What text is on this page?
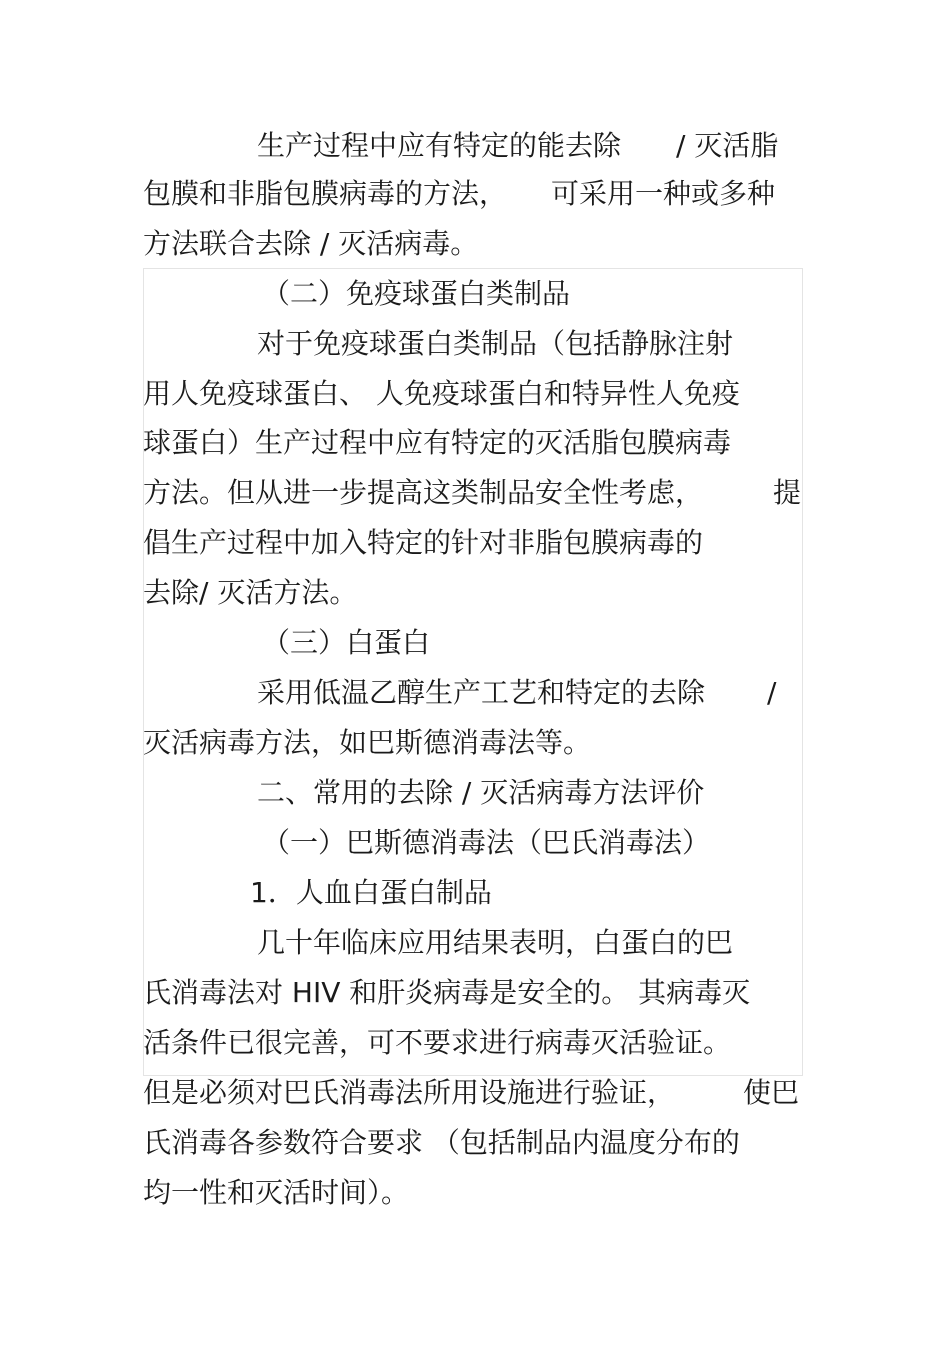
生产过程中应有特定的能去除 / 灭活脂
包膜和非脂包膜病毒的方法， 可采用一种或多种
方法联合去除 / 灭活病毒。
（二）免疫球蛋白类制品
对于免疫球蛋白类制品（包括静脉注射
用人免疫球蛋白、 人免疫球蛋白和特异性人免疫
球蛋白）生产过程中应有特定的灭活脂包膜病毒
方法。但从进一步提高这类制品安全性考虑， 提
倡生产过程中加入特定的针对非脂包膜病毒的
去除/ 灭活方法。
（三）白蛋白
采用低温乙醇生产工艺和特定的去除 /
灭活病毒方法，如巴斯德消毒法等。
二、常用的去除 / 灭活病毒方法评价
（一）巴斯德消毒法（巴氏消毒法）
1．人血白蛋白制品
几十年临床应用结果表明，白蛋白的巴
氏消毒法对 HIV 和肝炎病毒是安全的。 其病毒灭
活条件已很完善，可不要求进行病毒灭活验证。
但是必须对巴氏消毒法所用设施进行验证， 使巴
氏消毒各参数符合要求 （包括制品内温度分布的
均一性和灭活时间）。
